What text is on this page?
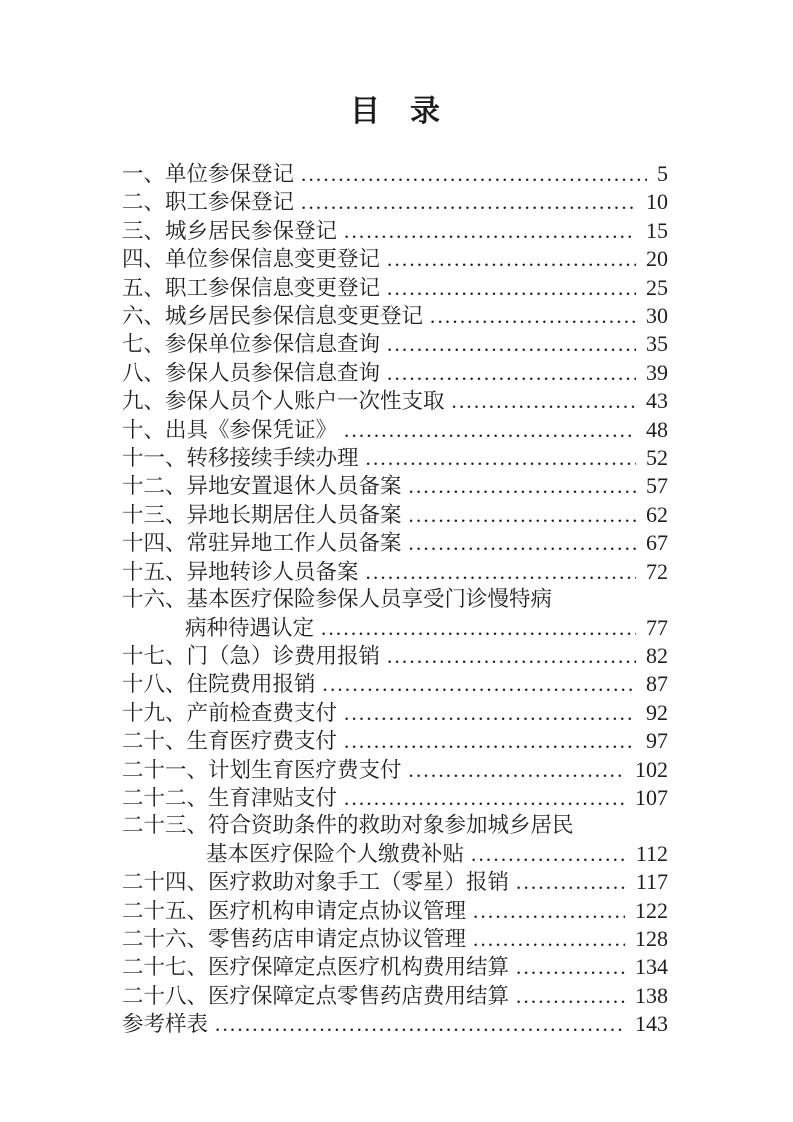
目　录
一、单位参保登记 .....	5
二、职工参保登记 .....	10
三、城乡居民参保登记 .....	15
四、单位参保信息变更登记 .....	20
五、职工参保信息变更登记 .....	25
六、城乡居民参保信息变更登记 .....	30
七、参保单位参保信息查询 .....	35
八、参保人员参保信息查询 .....	39
九、参保人员个人账户一次性支取 .....	43
十、出具《参保凭证》 .....	48
十一、转移接续手续办理 .....	52
十二、异地安置退休人员备案 .....	57
十三、异地长期居住人员备案 .....	62
十四、常驻异地工作人员备案 .....	67
十五、异地转诊人员备案 .....	72
十六、基本医疗保险参保人员享受门诊慢特病
病种待遇认定 .....	77
十七、门（急）诊费用报销 .....	82
十八、住院费用报销 .....	87
十九、产前检查费支付 .....	92
二十、生育医疗费支付 .....	97
二十一、计划生育医疗费支付 .....	102
二十二、生育津贴支付 .....	107
二十三、符合资助条件的救助对象参加城乡居民
基本医疗保险个人缴费补贴 .....	112
二十四、医疗救助对象手工（零星）报销 .....	117
二十五、医疗机构申请定点协议管理 .....	122
二十六、零售药店申请定点协议管理 .....	128
二十七、医疗保障定点医疗机构费用结算 .....	134
二十八、医疗保障定点零售药店费用结算 .....	138
参考样表 .....	143
